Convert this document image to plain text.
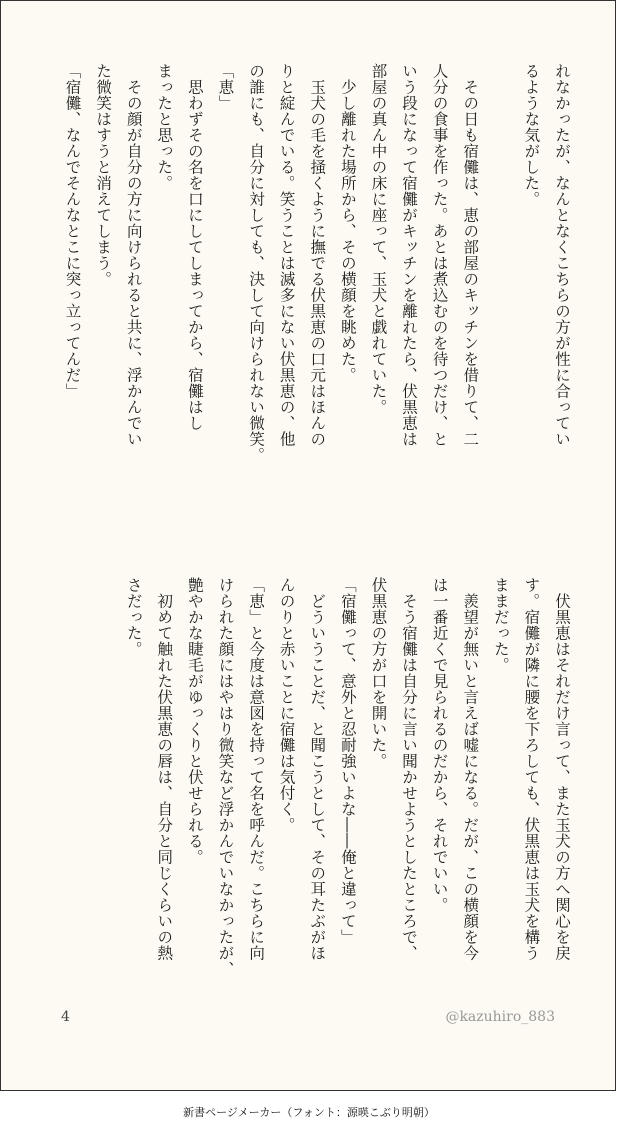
れなかったが、なんとなくこちらの方が性に合ってい

るような気がした。

　その日も宿儺は、恵の部屋のキッチンを借りて、二

人分の食事を作った。あとは煮込むのを待つだけ、と

いう段になって宿儺がキッチンを離れたら、伏黒恵は

部屋の真ん中の床に座って、玉犬と戯れていた。

　少し離れた場所から、その横顔を眺めた。

　玉犬の毛を掻くように撫でる伏黒恵の口元はほんの

りと綻んでいる。笑うことは滅多にない伏黒恵の、他

の誰にも、自分に対しても、決して向けられない微笑。

「恵」

　思わずその名を口にしてしまってから、宿儺はし

まったと思った。

　その顔が自分の方に向けられると共に、浮かんでい

た微笑はすうと消えてしまう。

「宿儺、なんでそんなとこに突っ立ってんだ」

　伏黒恵はそれだけ言って、また玉犬の方へ関心を戻

す。宿儺が隣に腰を下ろしても、伏黒恵は玉犬を構う

ままだった。

　羨望が無いと言えば嘘になる。だが、この横顔を今

は一番近くで見られるのだから、それでいい。

　そう宿儺は自分に言い聞かせようとしたところで、

伏黒恵の方が口を開いた。

「宿儺って、意外と忍耐強いよな――俺と違って」

　どういうことだ、と聞こうとして、その耳たぶがほ

んのりと赤いことに宿儺は気付く。

「恵」と今度は意図を持って名を呼んだ。こちらに向

けられた顔にはやはり微笑など浮かんでいなかったが、

艶やかな睫毛がゆっくりと伏せられる。

　初めて触れた伏黒恵の唇は、自分と同じくらいの熱

さだった。

4	@kazuhiro_883
新書ページメーカー（フォント：源暎こぶり明朝）
